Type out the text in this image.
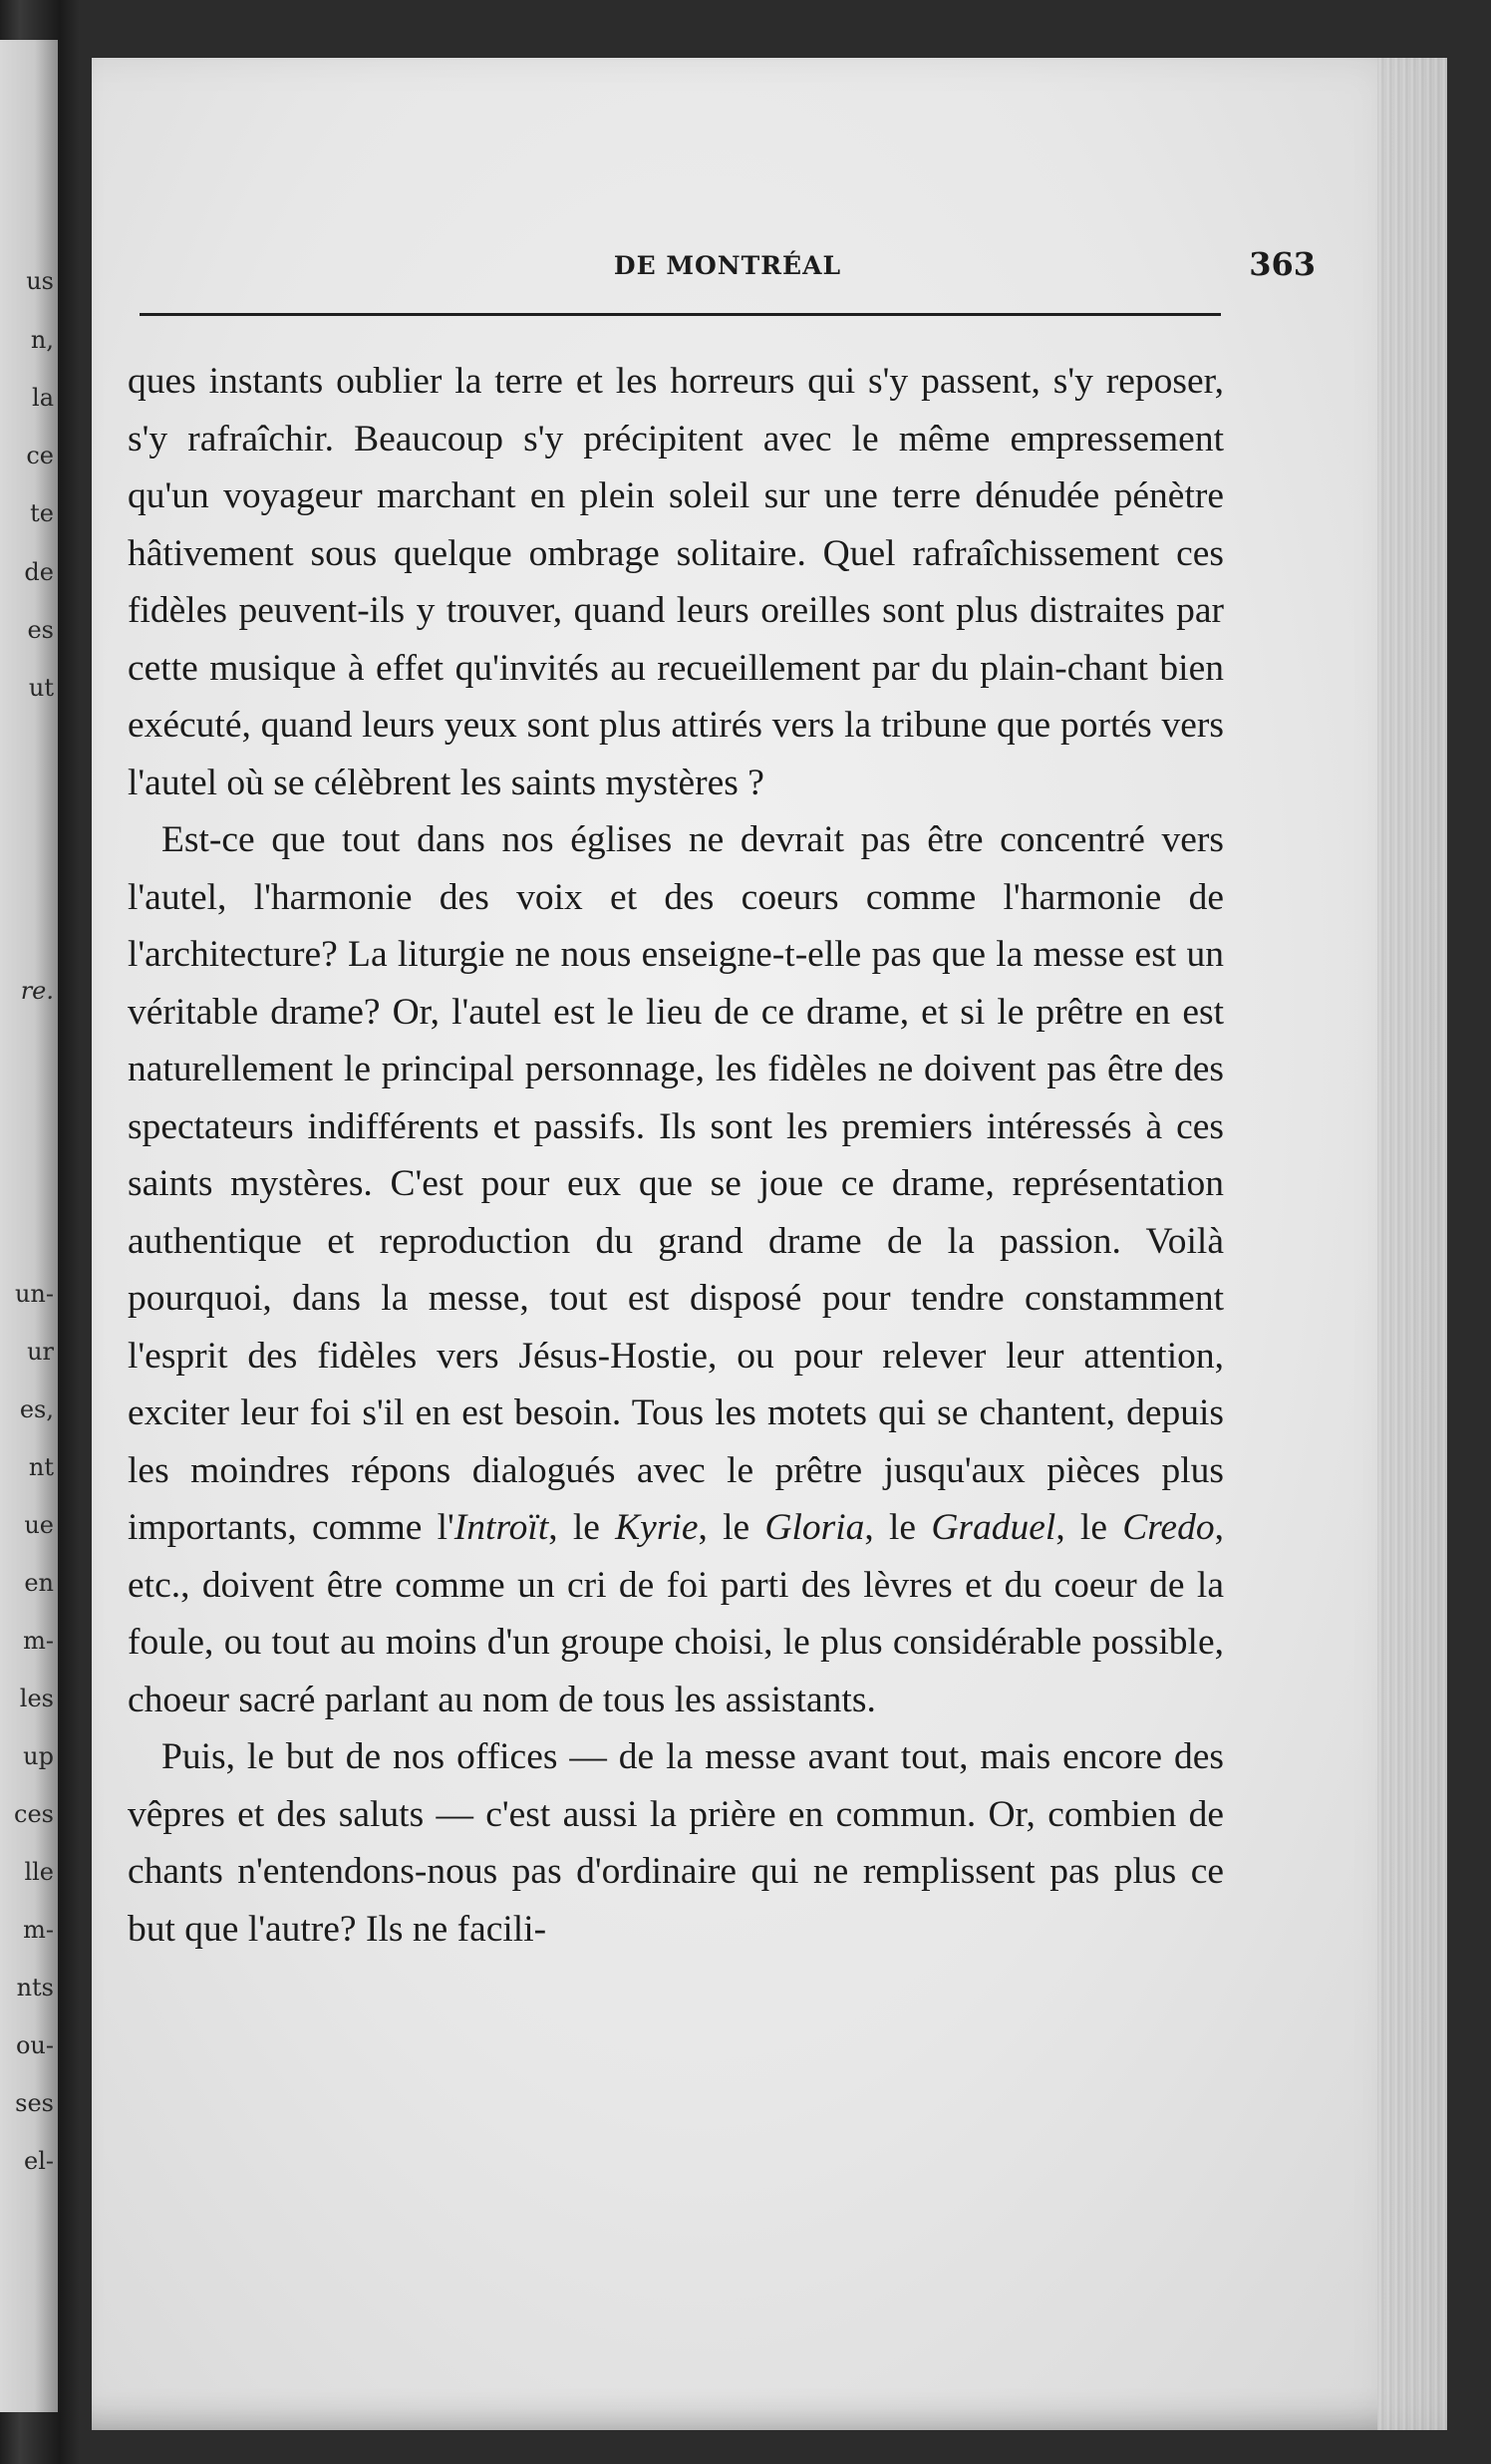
us
n,
la
ce
te
de
es
ut
re.
un-
ur
es,
nt
ue
en
m-
les
up
ces
lle
m-
nts
ou-
ses
el-
DE MONTRÉAL	363

ques instants oublier la terre et les horreurs qui s'y passent, s'y reposer, s'y rafraîchir. Beaucoup s'y précipitent avec le même empressement qu'un voyageur marchant en plein soleil sur une terre dénudée pénètre hâtivement sous quelque ombrage solitaire. Quel rafraîchissement ces fidèles peuvent-ils y trouver, quand leurs oreilles sont plus distraites par cette musique à effet qu'invités au recueillement par du plain-chant bien exécuté, quand leurs yeux sont plus attirés vers la tribune que portés vers l'autel où se célèbrent les saints mystères ?

Est-ce que tout dans nos églises ne devrait pas être concentré vers l'autel, l'harmonie des voix et des coeurs comme l'harmonie de l'architecture? La liturgie ne nous enseigne-t-elle pas que la messe est un véritable drame? Or, l'autel est le lieu de ce drame, et si le prêtre en est naturellement le principal personnage, les fidèles ne doivent pas être des spectateurs indifférents et passifs. Ils sont les premiers intéressés à ces saints mystères. C'est pour eux que se joue ce drame, représentation authentique et reproduction du grand drame de la passion. Voilà pourquoi, dans la messe, tout est disposé pour tendre constamment l'esprit des fidèles vers Jésus-Hostie, ou pour relever leur attention, exciter leur foi s'il en est besoin. Tous les motets qui se chantent, depuis les moindres répons dialogués avec le prêtre jusqu'aux pièces plus importants, comme l'Introït, le Kyrie, le Gloria, le Graduel, le Credo, etc., doivent être comme un cri de foi parti des lèvres et du coeur de la foule, ou tout au moins d'un groupe choisi, le plus considérable possible, choeur sacré parlant au nom de tous les assistants.

Puis, le but de nos offices — de la messe avant tout, mais encore des vêpres et des saluts — c'est aussi la prière en commun. Or, combien de chants n'entendons-nous pas d'ordinaire qui ne remplissent pas plus ce but que l'autre? Ils ne facili-
